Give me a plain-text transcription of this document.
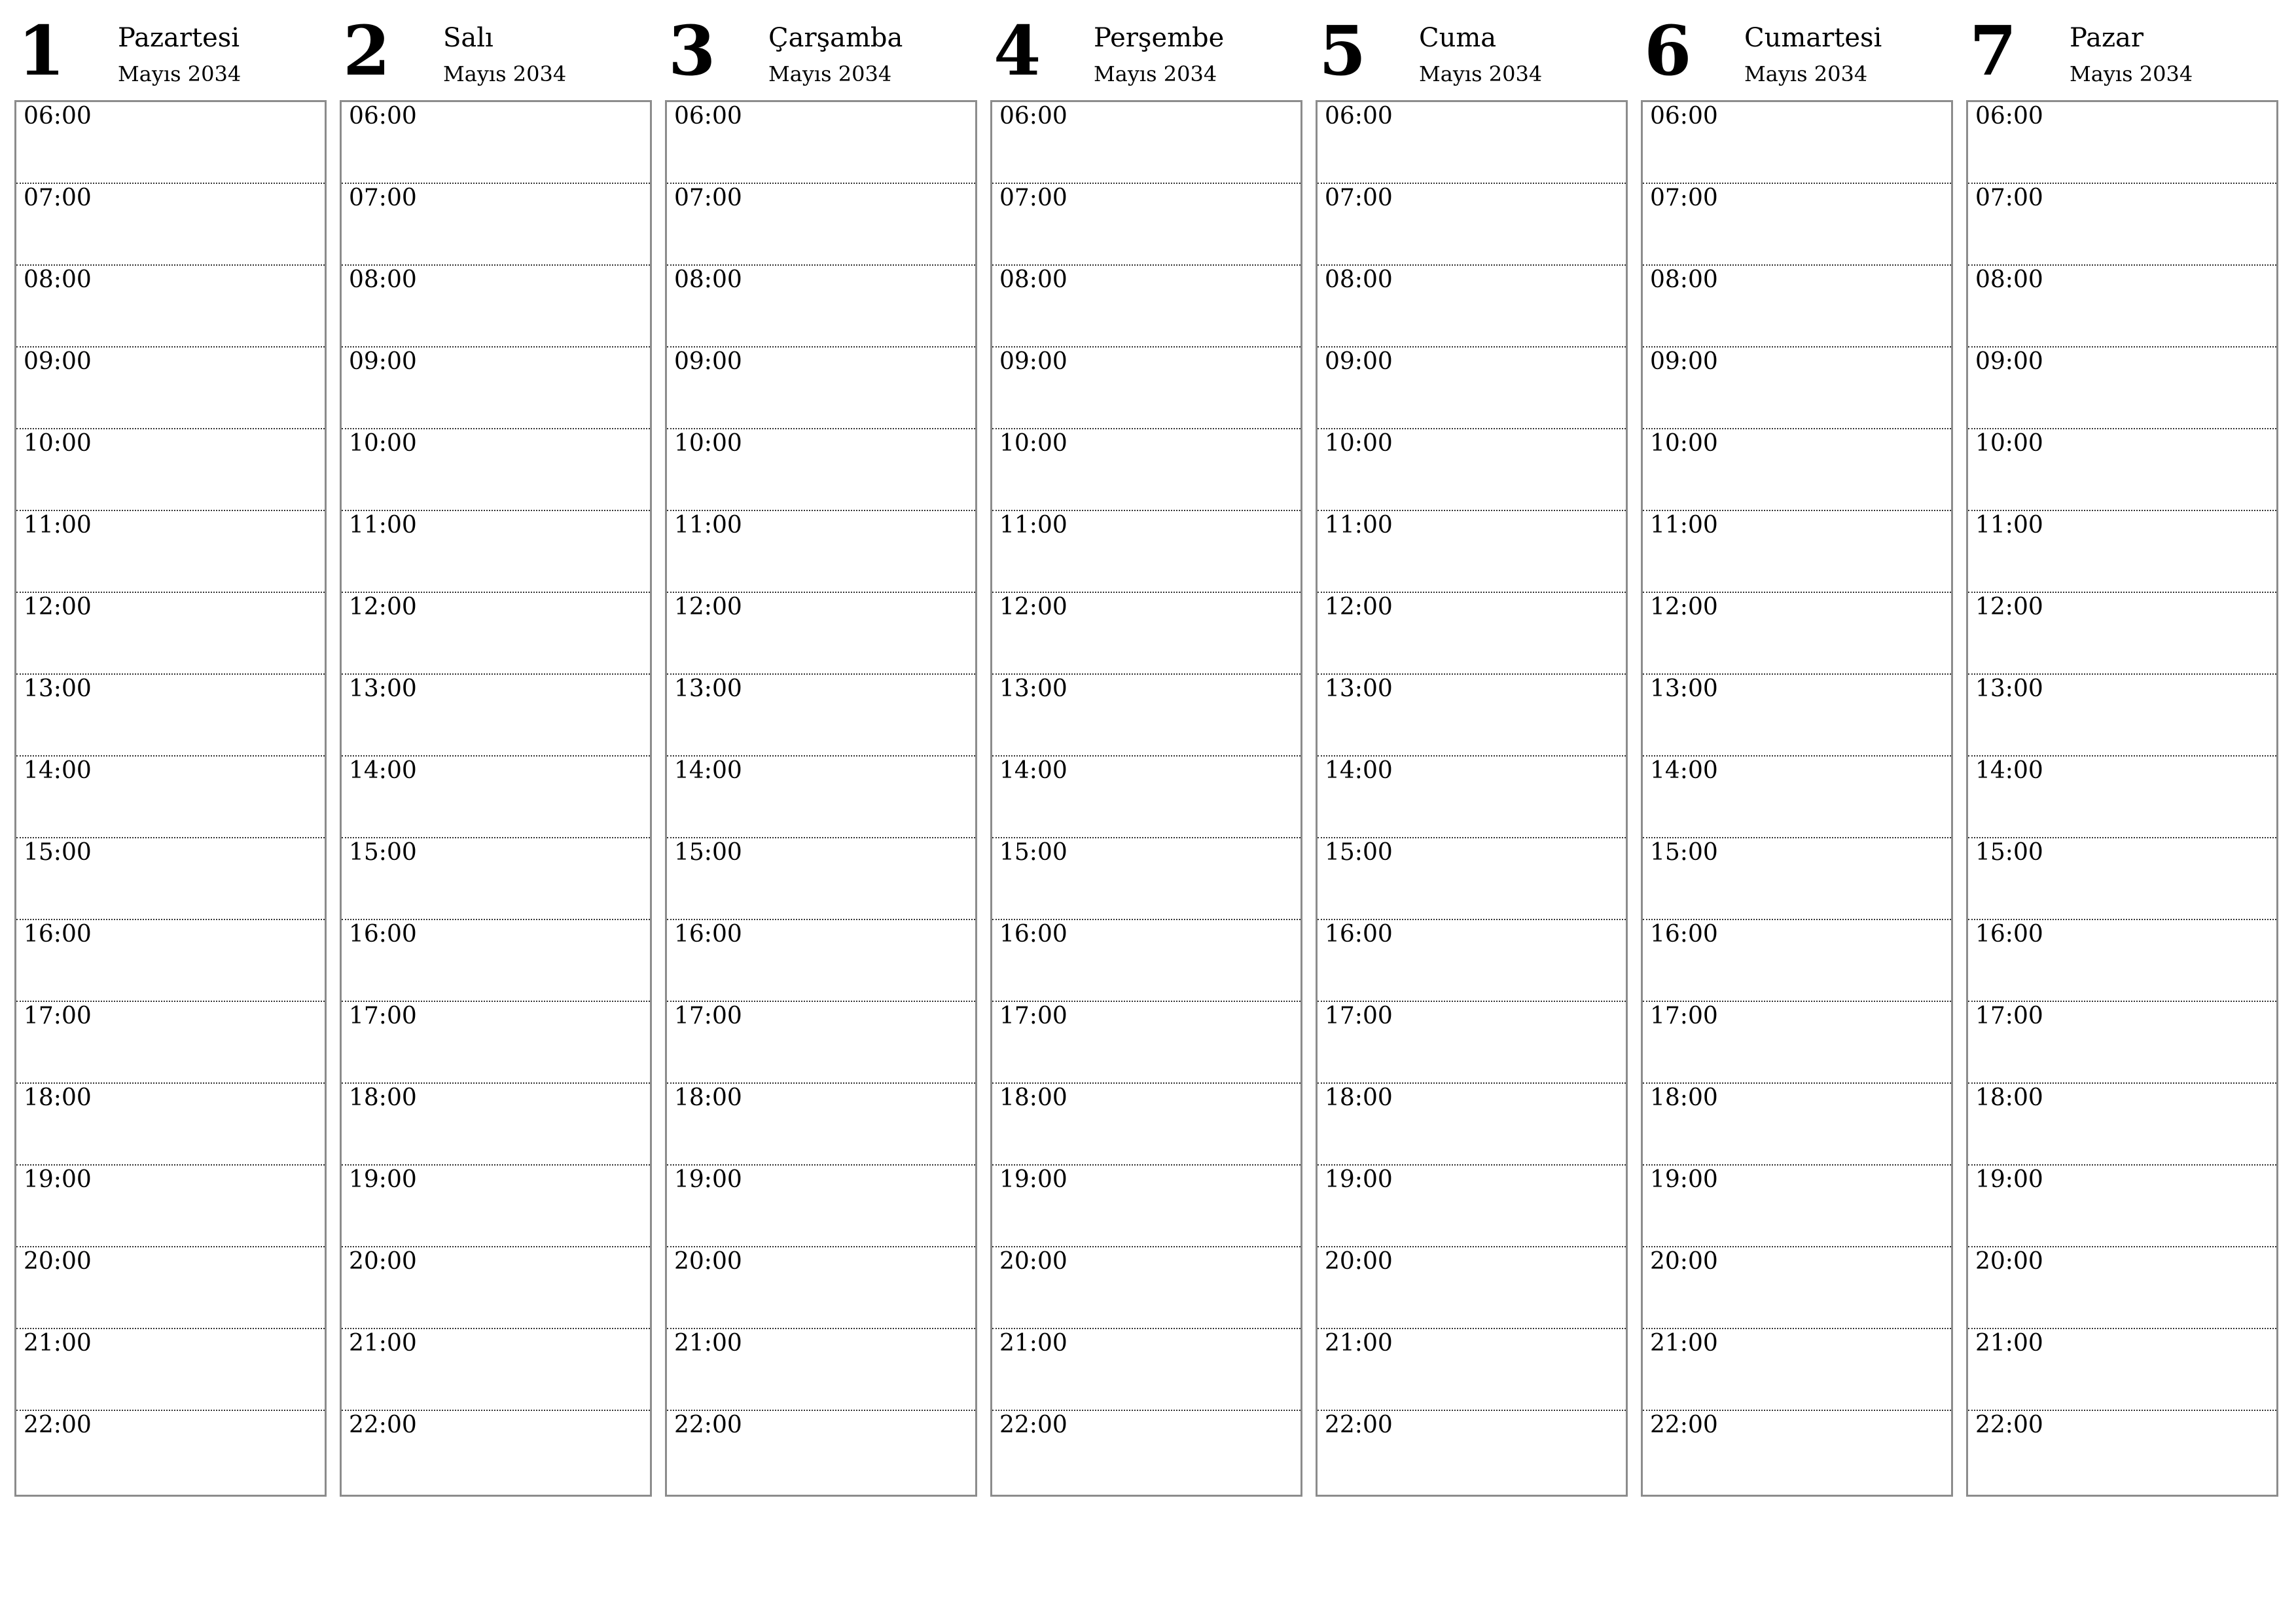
1 Pazartesi
Mayıs 2034
06:00
07:00
08:00
09:00
10:00
11:00
12:00
13:00
14:00
15:00
16:00
17:00
18:00
19:00
20:00
21:00
22:00
2 Salı
Mayıs 2034
06:00
07:00
08:00
09:00
10:00
11:00
12:00
13:00
14:00
15:00
16:00
17:00
18:00
19:00
20:00
21:00
22:00
3 Çarşamba
Mayıs 2034
06:00
07:00
08:00
09:00
10:00
11:00
12:00
13:00
14:00
15:00
16:00
17:00
18:00
19:00
20:00
21:00
22:00
4 Perşembe
Mayıs 2034
06:00
07:00
08:00
09:00
10:00
11:00
12:00
13:00
14:00
15:00
16:00
17:00
18:00
19:00
20:00
21:00
22:00
5 Cuma
Mayıs 2034
06:00
07:00
08:00
09:00
10:00
11:00
12:00
13:00
14:00
15:00
16:00
17:00
18:00
19:00
20:00
21:00
22:00
6 Cumartesi
Mayıs 2034
06:00
07:00
08:00
09:00
10:00
11:00
12:00
13:00
14:00
15:00
16:00
17:00
18:00
19:00
20:00
21:00
22:00
7 Pazar
Mayıs 2034
06:00
07:00
08:00
09:00
10:00
11:00
12:00
13:00
14:00
15:00
16:00
17:00
18:00
19:00
20:00
21:00
22:00
